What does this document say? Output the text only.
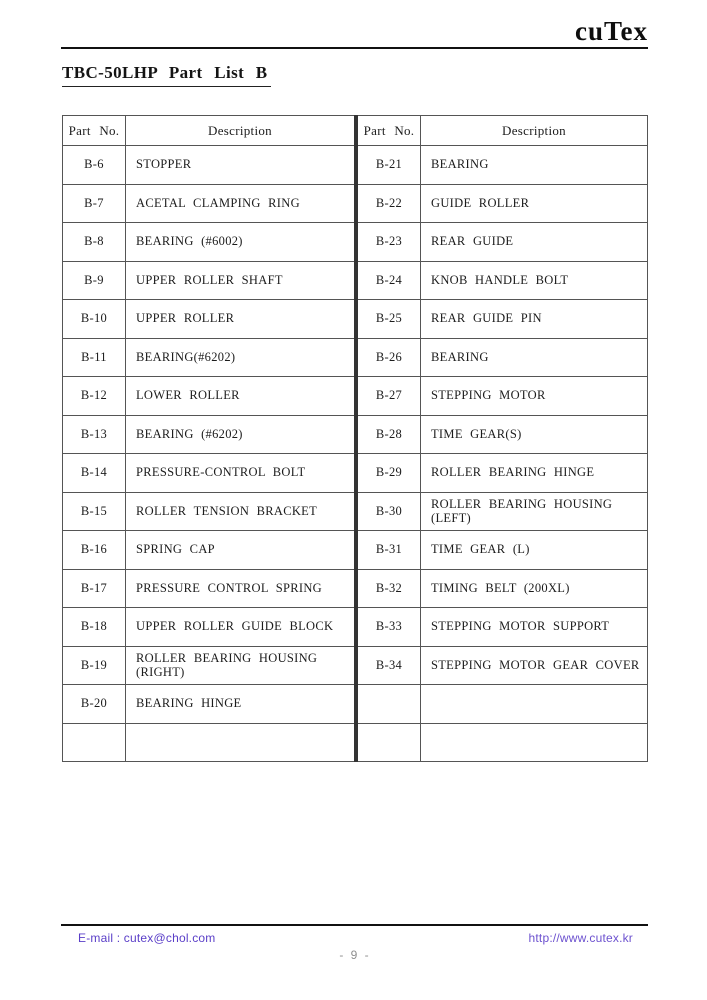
cuTex
TBC-50LHP Part List B
Part No.	Description
B-6	STOPPER
B-7	ACETAL CLAMPING RING
B-8	BEARING (#6002)
B-9	UPPER ROLLER SHAFT
B-10	UPPER ROLLER
B-11	BEARING(#6202)
B-12	LOWER ROLLER
B-13	BEARING (#6202)
B-14	PRESSURE-CONTROL BOLT
B-15	ROLLER TENSION BRACKET
B-16	SPRING CAP
B-17	PRESSURE CONTROL SPRING
B-18	UPPER ROLLER GUIDE BLOCK
B-19	ROLLER BEARING HOUSING (RIGHT)
B-20	BEARING HINGE

Part No.	Description
B-21	BEARING
B-22	GUIDE ROLLER
B-23	REAR GUIDE
B-24	KNOB HANDLE BOLT
B-25	REAR GUIDE PIN
B-26	BEARING
B-27	STEPPING MOTOR
B-28	TIME GEAR(S)
B-29	ROLLER BEARING HINGE
B-30	ROLLER BEARING HOUSING (LEFT)
B-31	TIME GEAR (L)
B-32	TIMING BELT (200XL)
B-33	STEPPING MOTOR SUPPORT
B-34	STEPPING MOTOR GEAR COVER

E-mail : cutex@chol.com	http://www.cutex.kr
- 9 -
